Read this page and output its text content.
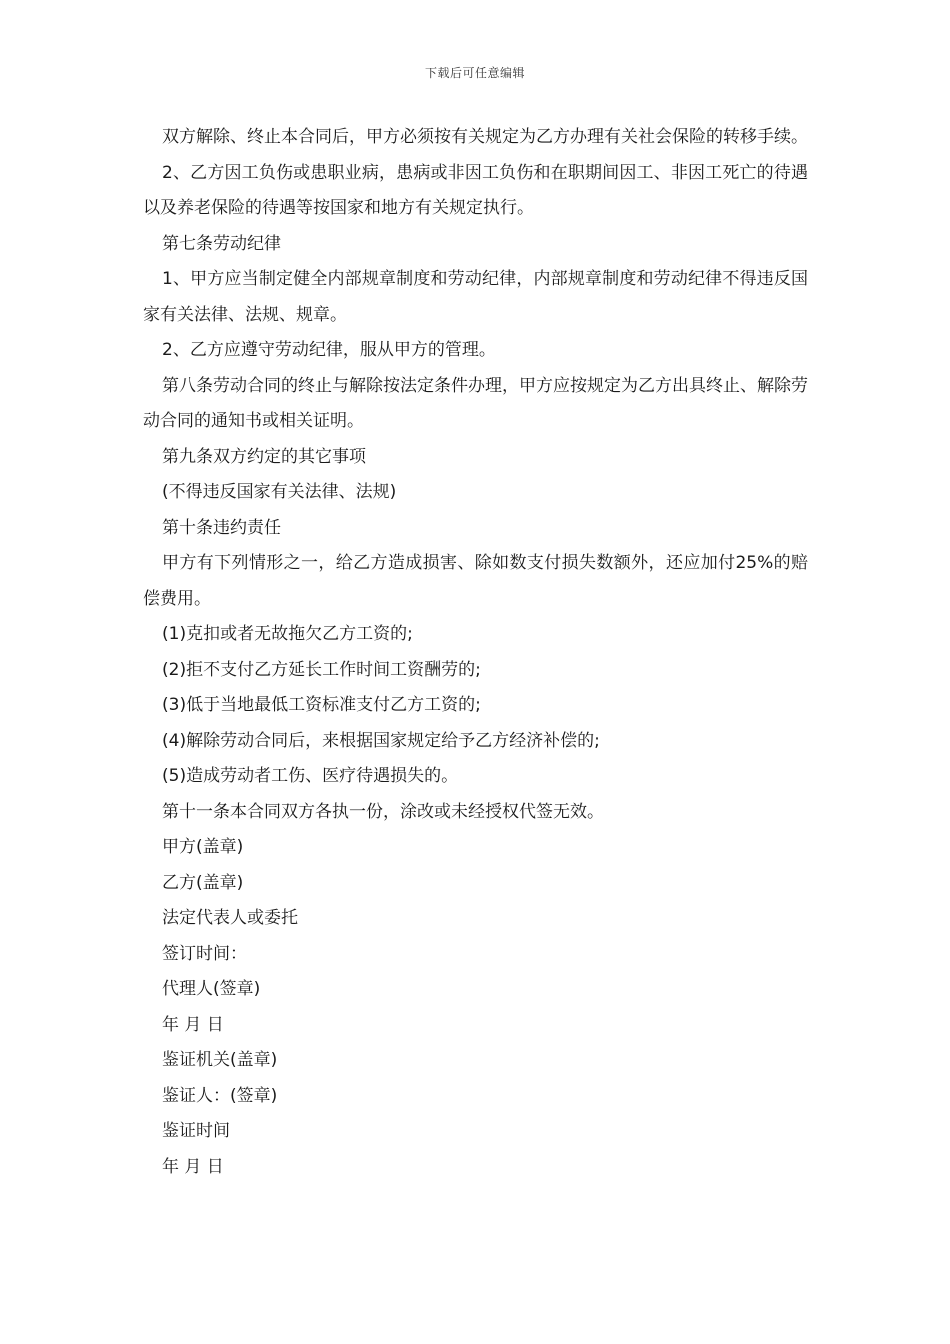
下载后可任意编辑

双方解除、终止本合同后，甲方必须按有关规定为乙方办理有关社会保险的转移手续。

2、乙方因工负伤或患职业病，患病或非因工负伤和在职期间因工、非因工死亡的待遇以及养老保险的待遇等按国家和地方有关规定执行。

第七条劳动纪律

1、甲方应当制定健全内部规章制度和劳动纪律，内部规章制度和劳动纪律不得违反国家有关法律、法规、规章。

2、乙方应遵守劳动纪律，服从甲方的管理。

第八条劳动合同的终止与解除按法定条件办理，甲方应按规定为乙方出具终止、解除劳动合同的通知书或相关证明。

第九条双方约定的其它事项

(不得违反国家有关法律、法规)

第十条违约责任

甲方有下列情形之一，给乙方造成损害、除如数支付损失数额外，还应加付25%的赔偿费用。

(1)克扣或者无故拖欠乙方工资的;

(2)拒不支付乙方延长工作时间工资酬劳的;

(3)低于当地最低工资标准支付乙方工资的;

(4)解除劳动合同后，来根据国家规定给予乙方经济补偿的;

(5)造成劳动者工伤、医疗待遇损失的。

第十一条本合同双方各执一份，涂改或未经授权代签无效。

甲方(盖章)

乙方(盖章)

法定代表人或委托

签订时间：

代理人(签章)

年 月 日

鉴证机关(盖章)

鉴证人：(签章)

鉴证时间

年 月 日
